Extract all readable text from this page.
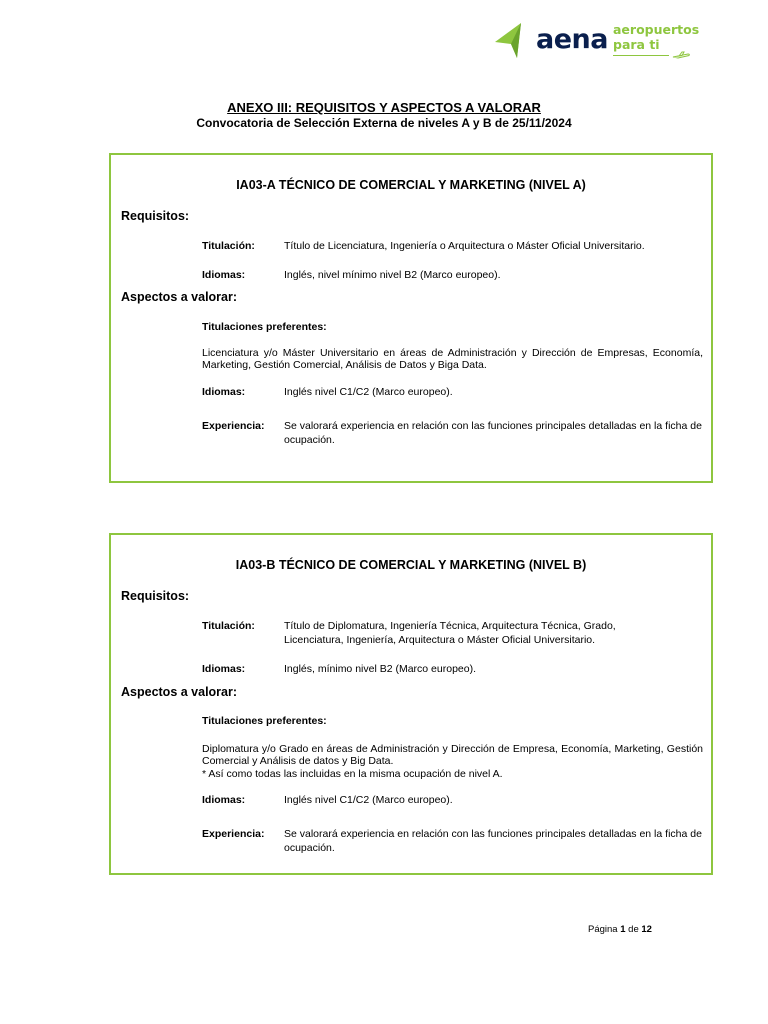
aena aeropuertos
para ti
ANEXO III: REQUISITOS Y ASPECTOS A VALORAR
Convocatoria de Selección Externa de niveles A y B de 25/11/2024
IA03-A TÉCNICO DE COMERCIAL Y MARKETING (NIVEL A)
Requisitos:
Titulación:	Título de Licenciatura, Ingeniería o Arquitectura o Máster Oficial Universitario.
Idiomas:	Inglés, nivel mínimo nivel B2 (Marco europeo).
Aspectos a valorar:
Titulaciones preferentes:
Licenciatura y/o Máster Universitario en áreas de Administración y Dirección de Empresas, Economía, Marketing, Gestión Comercial, Análisis de Datos y Biga Data.
Idiomas:	Inglés nivel C1/C2 (Marco europeo).
Experiencia: Se valorará experiencia en relación con las funciones principales detalladas en la ficha de ocupación.
IA03-B TÉCNICO DE COMERCIAL Y MARKETING (NIVEL B)
Requisitos:
Titulación:	Título de Diplomatura, Ingeniería Técnica, Arquitectura Técnica, Grado, Licenciatura, Ingeniería, Arquitectura o Máster Oficial Universitario.
Idiomas:	Inglés, mínimo nivel B2 (Marco europeo).
Aspectos a valorar:
Titulaciones preferentes:
Diplomatura y/o Grado en áreas de Administración y Dirección de Empresa, Economía, Marketing, Gestión Comercial y Análisis de datos y Big Data.
* Así como todas las incluidas en la misma ocupación de nivel A.
Idiomas:	Inglés nivel C1/C2 (Marco europeo).
Experiencia: Se valorará experiencia en relación con las funciones principales detalladas en la ficha de ocupación.
Página 1 de 12
